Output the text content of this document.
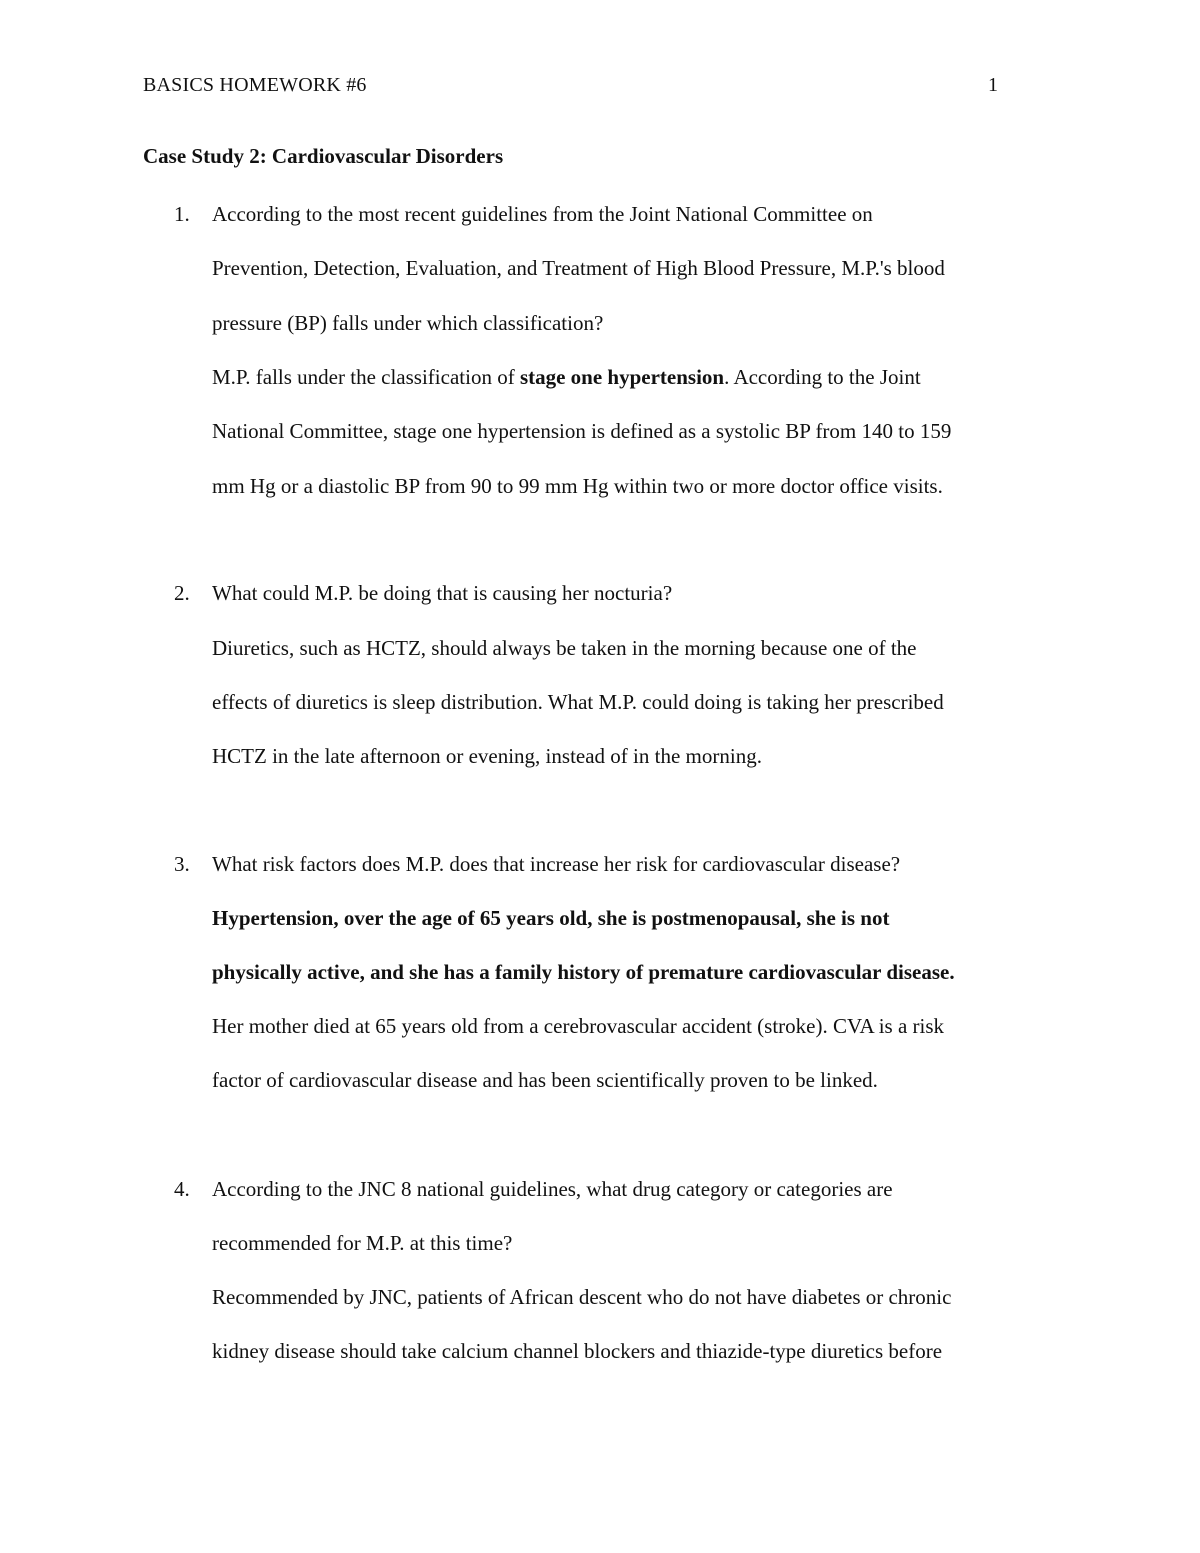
BASICS HOMEWORK #6	1
Case Study 2: Cardiovascular Disorders
1. According to the most recent guidelines from the Joint National Committee on
Prevention, Detection, Evaluation, and Treatment of High Blood Pressure, M.P.'s blood
pressure (BP) falls under which classification?
M.P. falls under the classification of stage one hypertension. According to the Joint
National Committee, stage one hypertension is defined as a systolic BP from 140 to 159
mm Hg or a diastolic BP from 90 to 99 mm Hg within two or more doctor office visits.
2. What could M.P. be doing that is causing her nocturia?
Diuretics, such as HCTZ, should always be taken in the morning because one of the
effects of diuretics is sleep distribution. What M.P. could doing is taking her prescribed
HCTZ in the late afternoon or evening, instead of in the morning.
3. What risk factors does M.P. does that increase her risk for cardiovascular disease?
Hypertension, over the age of 65 years old, she is postmenopausal, she is not
physically active, and she has a family history of premature cardiovascular disease.
Her mother died at 65 years old from a cerebrovascular accident (stroke). CVA is a risk
factor of cardiovascular disease and has been scientifically proven to be linked.
4. According to the JNC 8 national guidelines, what drug category or categories are
recommended for M.P. at this time?
Recommended by JNC, patients of African descent who do not have diabetes or chronic
kidney disease should take calcium channel blockers and thiazide-type diuretics before
